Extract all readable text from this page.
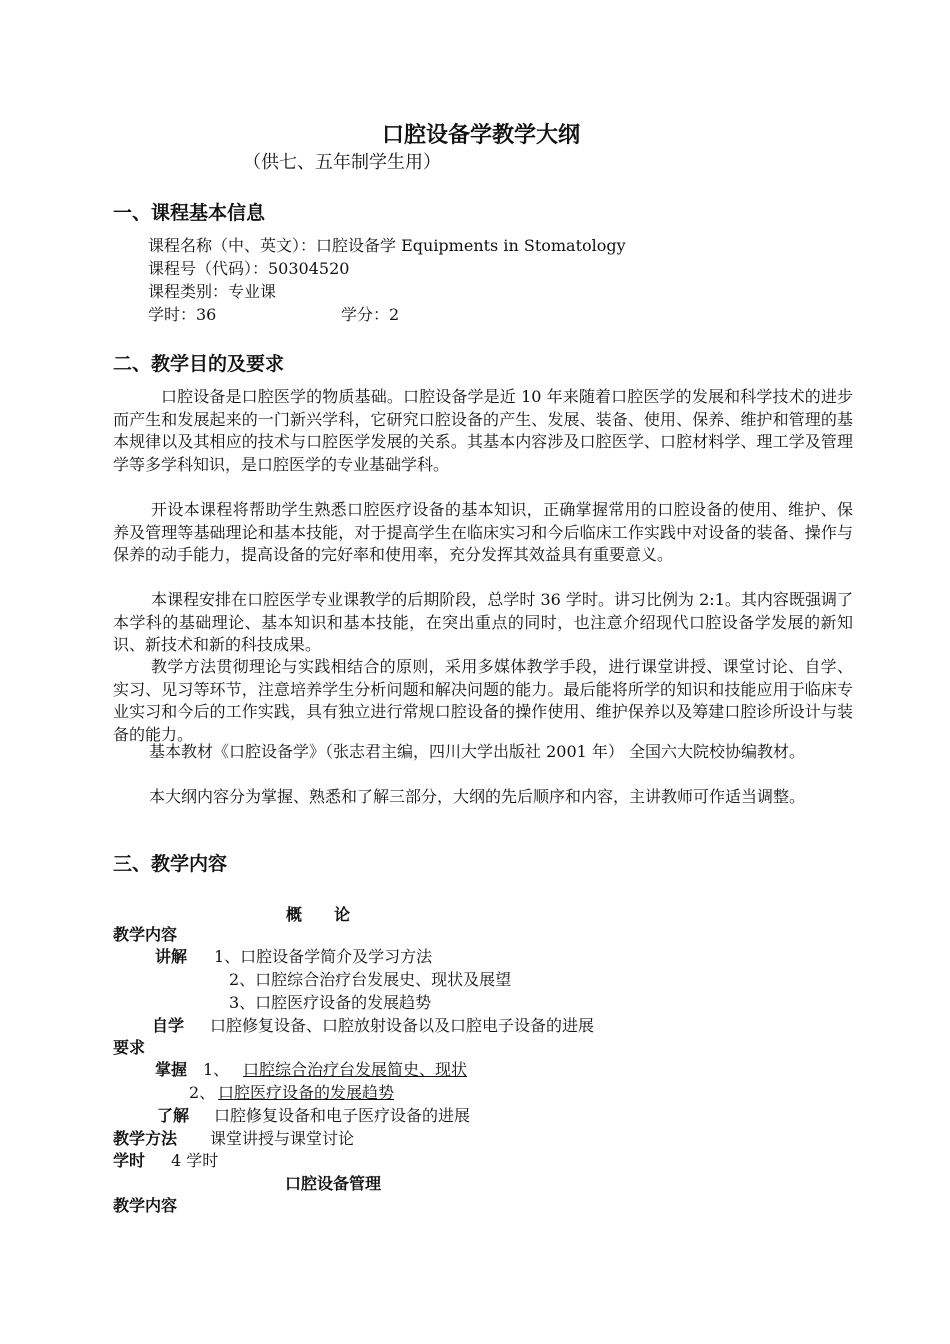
口腔设备学教学大纲
（供七、五年制学生用）
一、课程基本信息
课程名称（中、英文）：口腔设备学 Equipments in Stomatology
课程号（代码）：50304520
课程类别：专业课
学时：36	学分：2
二、教学目的及要求
口腔设备是口腔医学的物质基础。口腔设备学是近 10 年来随着口腔医学的发展和科学技术的进步而产生和发展起来的一门新兴学科，它研究口腔设备的产生、发展、装备、使用、保养、维护和管理的基本规律以及其相应的技术与口腔医学发展的关系。其基本内容涉及口腔医学、口腔材料学、理工学及管理学等多学科知识，是口腔医学的专业基础学科。
开设本课程将帮助学生熟悉口腔医疗设备的基本知识，正确掌握常用的口腔设备的使用、维护、保养及管理等基础理论和基本技能，对于提高学生在临床实习和今后临床工作实践中对设备的装备、操作与保养的动手能力，提高设备的完好率和使用率，充分发挥其效益具有重要意义。
本课程安排在口腔医学专业课教学的后期阶段，总学时 36 学时。讲习比例为 2:1。其内容既强调了本学科的基础理论、基本知识和基本技能，在突出重点的同时，也注意介绍现代口腔设备学发展的新知识、新技术和新的科技成果。
教学方法贯彻理论与实践相结合的原则，采用多媒体教学手段，进行课堂讲授、课堂讨论、自学、实习、见习等环节，注意培养学生分析问题和解决问题的能力。最后能将所学的知识和技能应用于临床专业实习和今后的工作实践，具有独立进行常规口腔设备的操作使用、维护保养以及筹建口腔诊所设计与装备的能力。
基本教材《口腔设备学》（张志君主编，四川大学出版社 2001 年） 全国六大院校协编教材。
本大纲内容分为掌握、熟悉和了解三部分，大纲的先后顺序和内容，主讲教师可作适当调整。
三、教学内容
概　　论
教学内容
讲解 1、口腔设备学简介及学习方法
2、口腔综合治疗台发展史、现状及展望
3、口腔医疗设备的发展趋势
自学 口腔修复设备、口腔放射设备以及口腔电子设备的进展
要求
掌握 1、 口腔综合治疗台发展简史、现状
2、 口腔医疗设备的发展趋势
了解 口腔修复设备和电子医疗设备的进展
教学方法 课堂讲授与课堂讨论
学时 4 学时
口腔设备管理
教学内容
